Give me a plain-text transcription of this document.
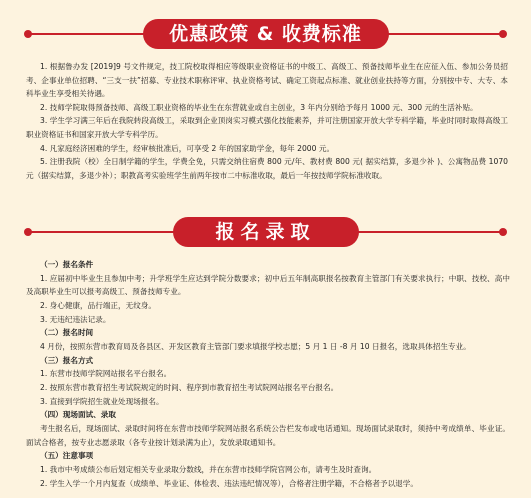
优惠政策 & 收费标准

1. 根据鲁办发 [2019]9 号文件规定，技工院校取得相应等级职业资格证书的中级工、高级工、预备技师毕业生在应征入伍、参加公务员招考、企事业单位招聘、“三支一扶”招募、专业技术职称评审、执业资格考试、确定工资起点标准、就业创业扶持等方面，分别按中专、大专、本科毕业生享受相关待遇。

2. 技师学院取得预备技师、高级工职业资格的毕业生在东营就业或自主创业，3 年内分别给予每月 1000 元、300 元的生活补贴。

3. 学生学习满三年后在我院转段高级工，采取到企业顶岗实习模式强化技能素养，并可注册国家开放大学专科学籍，毕业时同时取得高级工职业资格证书和国家开放大学专科学历。

4. 凡家庭经济困难的学生，经审核批准后，可享受 2 年的国家助学金，每年 2000 元。

5. 注册我院（校）全日制学籍的学生，学费全免，只需交纳住宿费 800 元/年、教材费 800 元( 据实结算，多退少补 )、公寓物品费 1070 元（据实结算，多退少补）；职教高考实验班学生前两年按市二中标准收取，最后一年按技师学院标准收取。

报名录取
（一）报名条件

1. 应届初中毕业生且参加中考；升学班学生应达到学院分数要求；初中后五年制高职报名按教育主管部门有关要求执行；中职、技校、高中及高职毕业生可以报考高级工、预备技师专业。

2. 身心健康，品行端正，无纹身。

3. 无违纪违法记录。

（二）报名时间

4 月份，按照东营市教育局及各县区、开发区教育主管部门要求填报学校志愿；5 月 1 日 -8 月 10 日报名，选取具体招生专业。

（三）报名方式

1. 东营市技师学院网站报名平台报名。

2. 按照东营市教育招生考试院规定的时间、程序到市教育招生考试院网站报名平台报名。

3. 直接到学院招生就业处现场报名。

（四）现场面试、录取

考生报名后，现场面试、录取时间将在东营市技师学院网站报名系统公告栏发布或电话通知。现场面试录取时，须持中考成绩单、毕业证。面试合格者，按专业志愿录取（各专业按计划录满为止），发放录取通知书。

（五）注意事项

1. 我市中考成绩公布后划定相关专业录取分数线，并在东营市技师学院官网公布，请考生及时查询。

2. 学生入学一个月内复查（成绩单、毕业证、体检表、违法违纪情况等），合格者注册学籍，不合格者予以退学。
